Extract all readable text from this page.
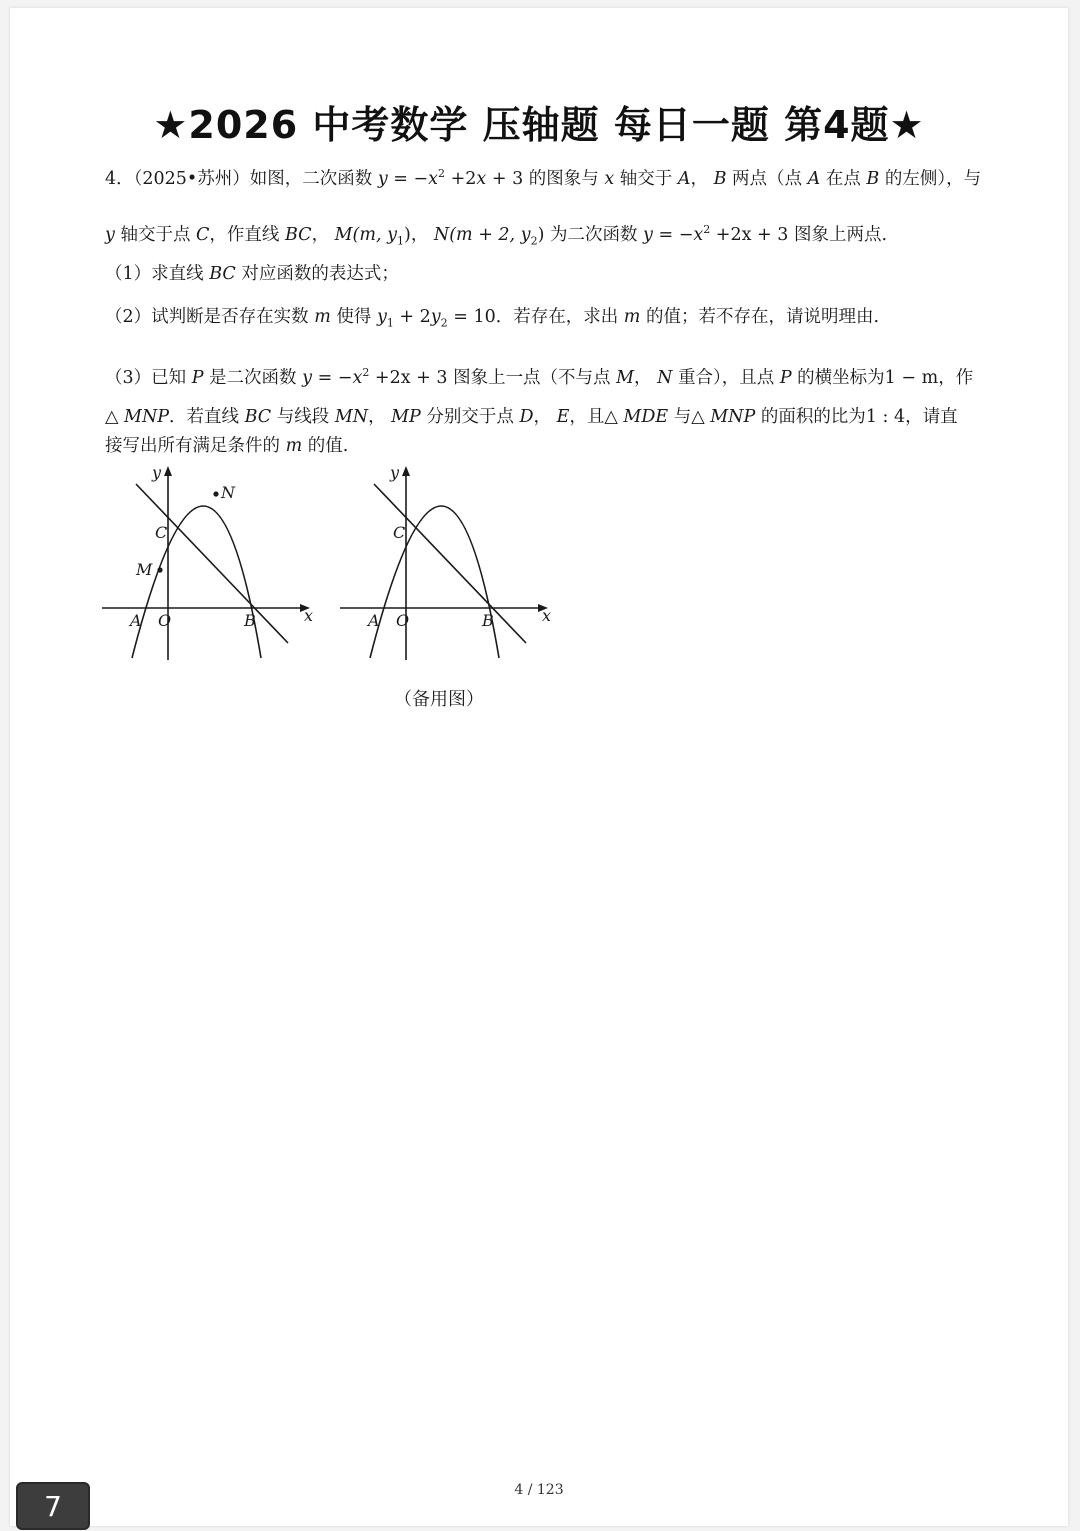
★2026 中考数学 压轴题 每日一题 第4题★
4．（2025•苏州）如图，二次函数 $y = -x^2 +2x + 3$ 的图象与 x 轴交于 A， B 两点（点 A 在点 B 的左侧），与
y 轴交于点 C，作直线 BC， M(m, $y_1$)， N(m + 2, $y_2$) 为二次函数 $y = -x^2 +2x + 3$ 图象上两点.
（1）求直线 BC 对应函数的表达式；
（2）试判断是否存在实数 m 使得 $y_1 + 2y_2 = 10$．若存在，求出 m 的值；若不存在，请说明理由.
（3）已知 P 是二次函数 $y = -x^2 +2x + 3$ 图象上一点（不与点 M， N 重合），且点 P 的横坐标为1 − m，作
△ MNP．若直线 BC 与线段 MN， MP 分别交于点 D， E，且△ MDE 与△ MNP 的面积的比为1 : 4，请直
接写出所有满足条件的 m 的值.
y
x
A O	B
C
M
N
y
x
A O	B
C
（备用图）
4 / 123
7
